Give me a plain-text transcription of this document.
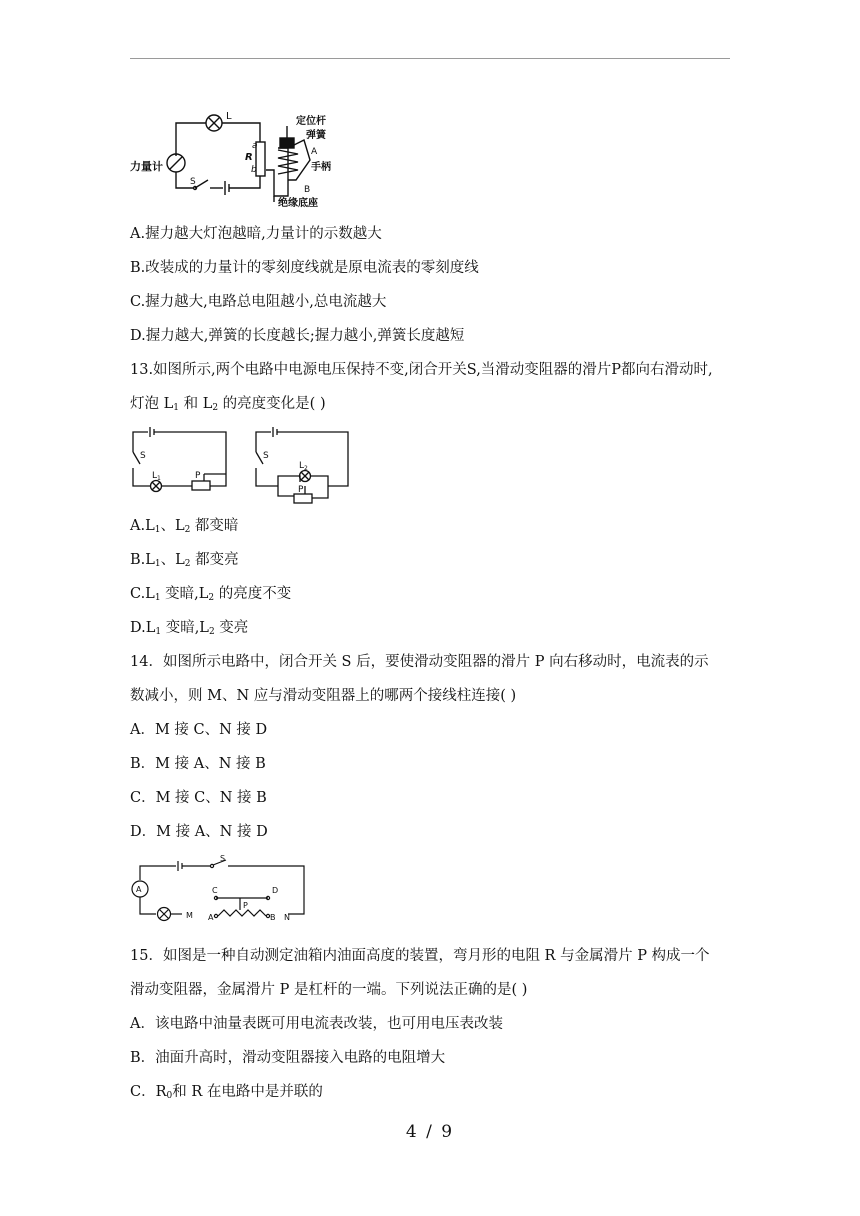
L	定位杆
弹簧
a
R	A
b	手柄
力量计
S
B
绝缘底座
A.握力越大灯泡越暗,力量计的示数越大
B.改装成的力量计的零刻度线就是原电流表的零刻度线
C.握力越大,电路总电阻越小,总电流越大
D.握力越大,弹簧的长度越长;握力越小,弹簧长度越短
13.如图所示,两个电路中电源电压保持不变,闭合开关S,当滑动变阻器的滑片P都向右滑动时,
灯泡 $L_1$ 和 $L_2$ 的亮度变化是( )
S
$L_1$	P
S
$L_2$
P
$A.L_1$、$L_2$ 都变暗
$B.L_1$、$L_2$ 都变亮
$C.L_1$ 变暗$,L_2$ 的亮度不变
$D.L_1$ 变暗$,L_2$ 变亮
14．如图所示电路中，闭合开关 S 后，要使滑动变阻器的滑片 P 向右移动时，电流表的示
数减小，则 M、N 应与滑动变阻器上的哪两个接线柱连接( )
A．M 接 C、N 接 D
B．M 接 A、N 接 B
C．M 接 C、N 接 B
D．M 接 A、N 接 D
A
S
C	D
P
A	B
M	N
15．如图是一种自动测定油箱内油面高度的装置，弯月形的电阻 R 与金属滑片 P 构成一个
滑动变阻器，金属滑片 P 是杠杆的一端。下列说法正确的是( )
A．该电路中油量表既可用电流表改装，也可用电压表改装
B．油面升高时，滑动变阻器接入电路的电阻增大
C．$R_0$和 R 在电路中是并联的
4 / 9
